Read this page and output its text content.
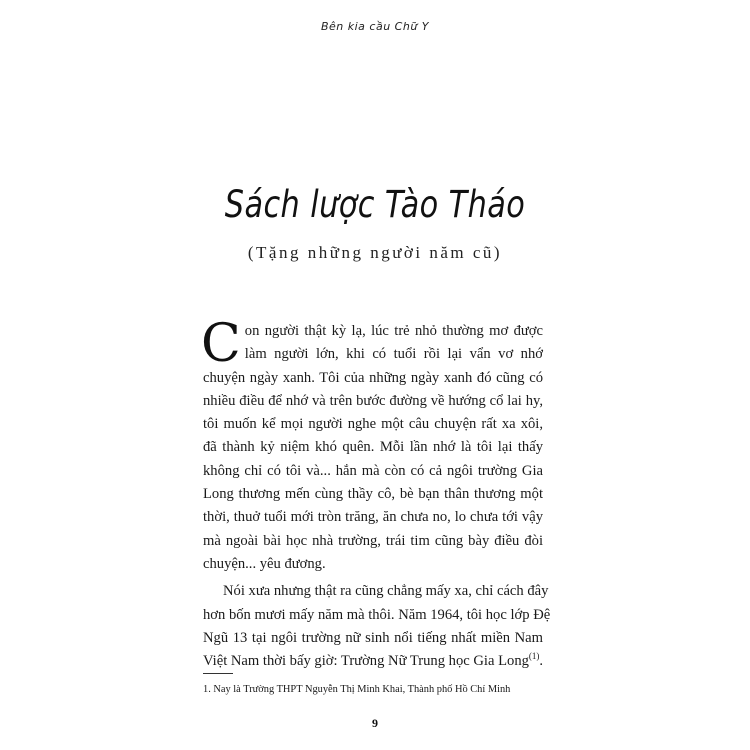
Bên kia cầu Chữ Y
Sách lược Tào Tháo
(Tặng những người năm cũ)

C on người thật kỳ lạ, lúc trẻ nhỏ thường mơ được
làm người lớn, khi có tuổi rồi lại vẩn vơ nhớ
chuyện ngày xanh. Tôi của những ngày xanh đó cũng có
nhiều điều để nhớ và trên bước đường về hướng cổ lai hy,
tôi muốn kể mọi người nghe một câu chuyện rất xa xôi,
đã thành kỷ niệm khó quên. Mỗi lần nhớ là tôi lại thấy
không chỉ có tôi và... hắn mà còn có cả ngôi trường Gia
Long thương mến cùng thầy cô, bè bạn thân thương một
thời, thuở tuổi mới tròn trăng, ăn chưa no, lo chưa tới vậy
mà ngoài bài học nhà trường, trái tim cũng bày điều đòi
chuyện... yêu đương.

Nói xưa nhưng thật ra cũng chẳng mấy xa, chỉ cách đây
hơn bốn mươi mấy năm mà thôi. Năm 1964, tôi học lớp Đệ
Ngũ 13 tại ngôi trường nữ sinh nổi tiếng nhất miền Nam
Việt Nam thời bấy giờ: Trường Nữ Trung học Gia Long$^{(1)}$.

1. Nay là Trường THPT Nguyễn Thị Minh Khai, Thành phố Hồ Chí Minh
9
